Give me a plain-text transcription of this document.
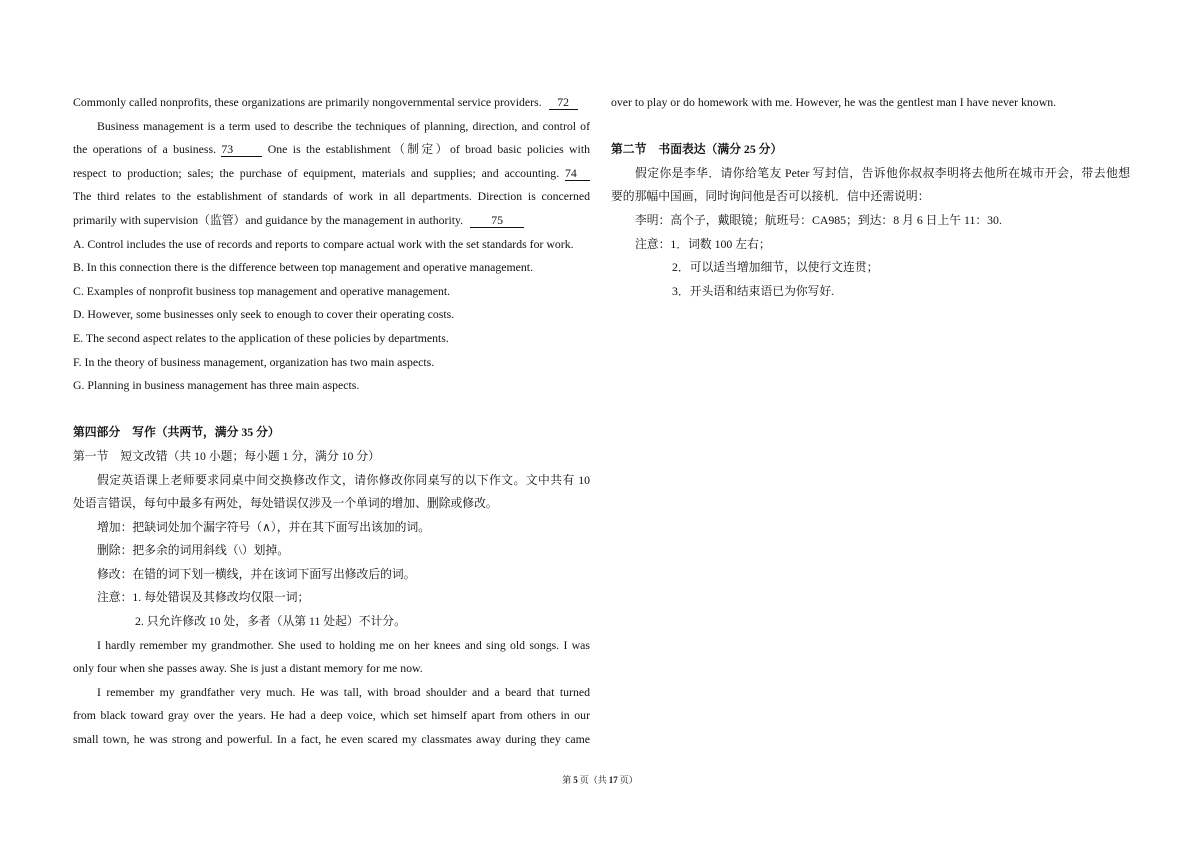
Commonly called nonprofits, these organizations are primarily nongovernmental service providers. 72
Business management is a term used to describe the techniques of planning, direction, and control of
the operations of a business. 73	One is the establishment（制定）of broad basic policies with
respect to production; sales; the purchase of equipment, materials and supplies; and accounting. 74
The third relates to the establishment of standards of work in all departments. Direction is concerned
primarily with supervision（监管）and guidance by the management in authority. 75
A. Control includes the use of records and reports to compare actual work with the set standards for work.
B. In this connection there is the difference between top management and operative management.
C. Examples of nonprofit business top management and operative management.
D. However, some businesses only seek to enough to cover their operating costs.
E. The second aspect relates to the application of these policies by departments.
F. In the theory of business management, organization has two main aspects.
G. Planning in business management has three main aspects.
第四部分 写作（共两节，满分 35 分）
第一节 短文改错（共 10 小题；每小题 1 分，满分 10 分）
假定英语课上老师要求同桌中间交换修改作文，请你修改你同桌写的以下作文。文中共有 10
处语言错误，每句中最多有两处，每处错误仅涉及一个单词的增加、删除或修改。
增加：把缺词处加个漏字符号（∧），并在其下面写出该加的词。
删除：把多余的词用斜线（\）划掉。
修改：在错的词下划一横线，并在该词下面写出修改后的词。
注意：1. 每处错误及其修改均仅限一词；
2. 只允许修改 10 处，多者（从第 11 处起）不计分。
I hardly remember my grandmother. She used to holding me on her knees and sing old songs. I was
only four when she passes away. She is just a distant memory for me now.
I remember my grandfather very much. He was tall, with broad shoulder and a beard that turned
from black toward gray over the years. He had a deep voice, which set himself apart from others in our
small town, he was strong and powerful. In a fact, he even scared my classmates away during they came
over to play or do homework with me. However, he was the gentlest man I have never known.
第二节 书面表达（满分 25 分）
假定你是李华．请你给笔友 Peter 写封信，告诉他你叔叔李明将去他所在城市开会，带去他想
要的那幅中国画，同时询问他是否可以接机．信中还需说明：
李明：高个子，戴眼镜；航班号：CA985；到达：8 月 6 日上午 11：30.
注意：1．词数 100 左右；
2．可以适当增加细节，以使行文连贯；
3．开头语和结束语已为你写好.
第 5 页（共 17 页）
